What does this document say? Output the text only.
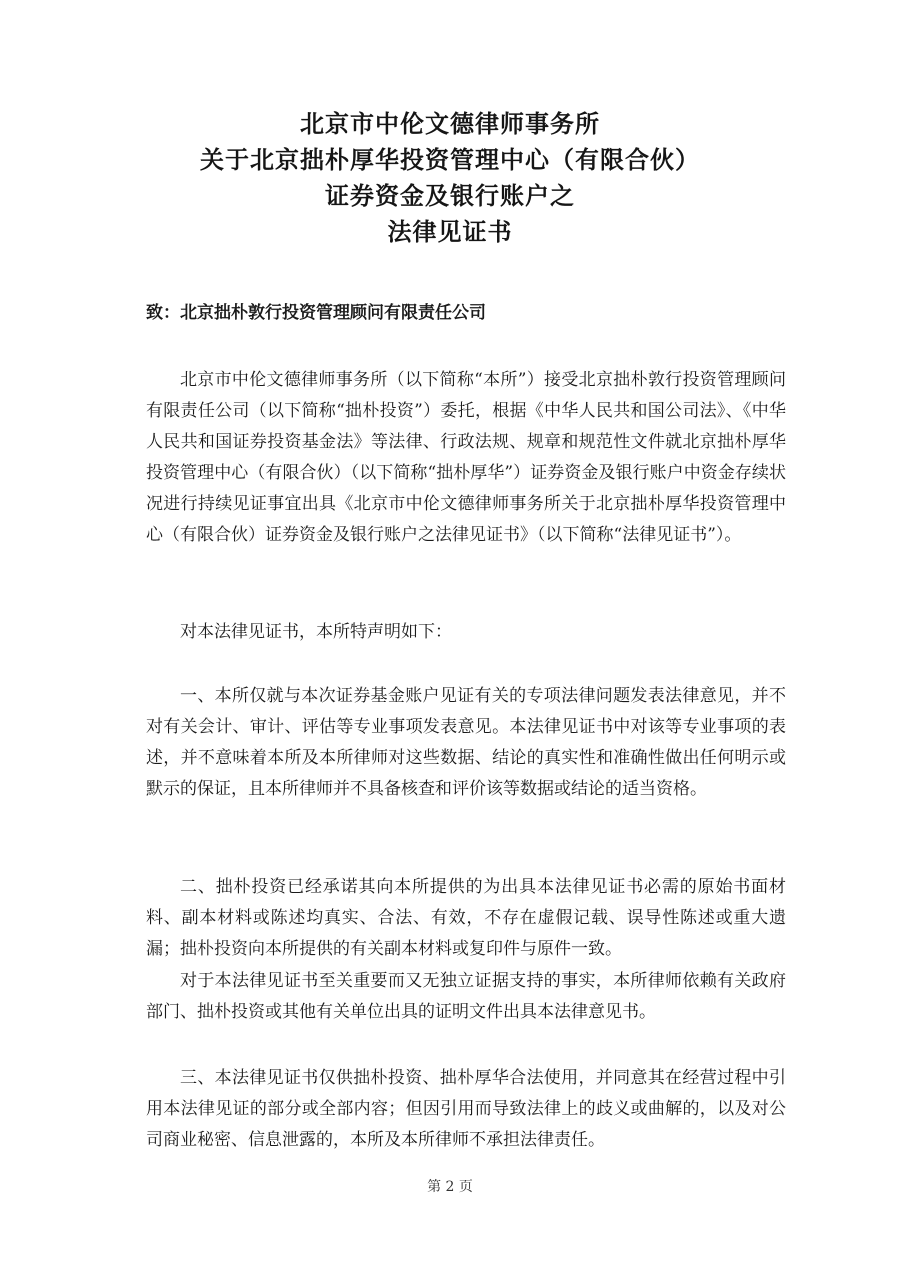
北京市中伦文德律师事务所
关于北京拙朴厚华投资管理中心（有限合伙）
证券资金及银行账户之
法律见证书
致：北京拙朴敦行投资管理顾问有限责任公司

北京市中伦文德律师事务所（以下简称“本所”）接受北京拙朴敦行投资管理顾问有限责任公司（以下简称“拙朴投资”）委托，根据《中华人民共和国公司法》、《中华人民共和国证券投资基金法》等法律、行政法规、规章和规范性文件就北京拙朴厚华投资管理中心（有限合伙）（以下简称“拙朴厚华”）证券资金及银行账户中资金存续状况进行持续见证事宜出具《北京市中伦文德律师事务所关于北京拙朴厚华投资管理中心（有限合伙）证券资金及银行账户之法律见证书》（以下简称“法律见证书”）。

对本法律见证书，本所特声明如下：

一、本所仅就与本次证券基金账户见证有关的专项法律问题发表法律意见，并不对有关会计、审计、评估等专业事项发表意见。本法律见证书中对该等专业事项的表述，并不意味着本所及本所律师对这些数据、结论的真实性和准确性做出任何明示或默示的保证，且本所律师并不具备核查和评价该等数据或结论的适当资格。

二、拙朴投资已经承诺其向本所提供的为出具本法律见证书必需的原始书面材料、副本材料或陈述均真实、合法、有效，不存在虚假记载、误导性陈述或重大遗漏；拙朴投资向本所提供的有关副本材料或复印件与原件一致。

对于本法律见证书至关重要而又无独立证据支持的事实，本所律师依赖有关政府部门、拙朴投资或其他有关单位出具的证明文件出具本法律意见书。

三、本法律见证书仅供拙朴投资、拙朴厚华合法使用，并同意其在经营过程中引用本法律见证的部分或全部内容；但因引用而导致法律上的歧义或曲解的，以及对公司商业秘密、信息泄露的，本所及本所律师不承担法律责任。

第 2 页
